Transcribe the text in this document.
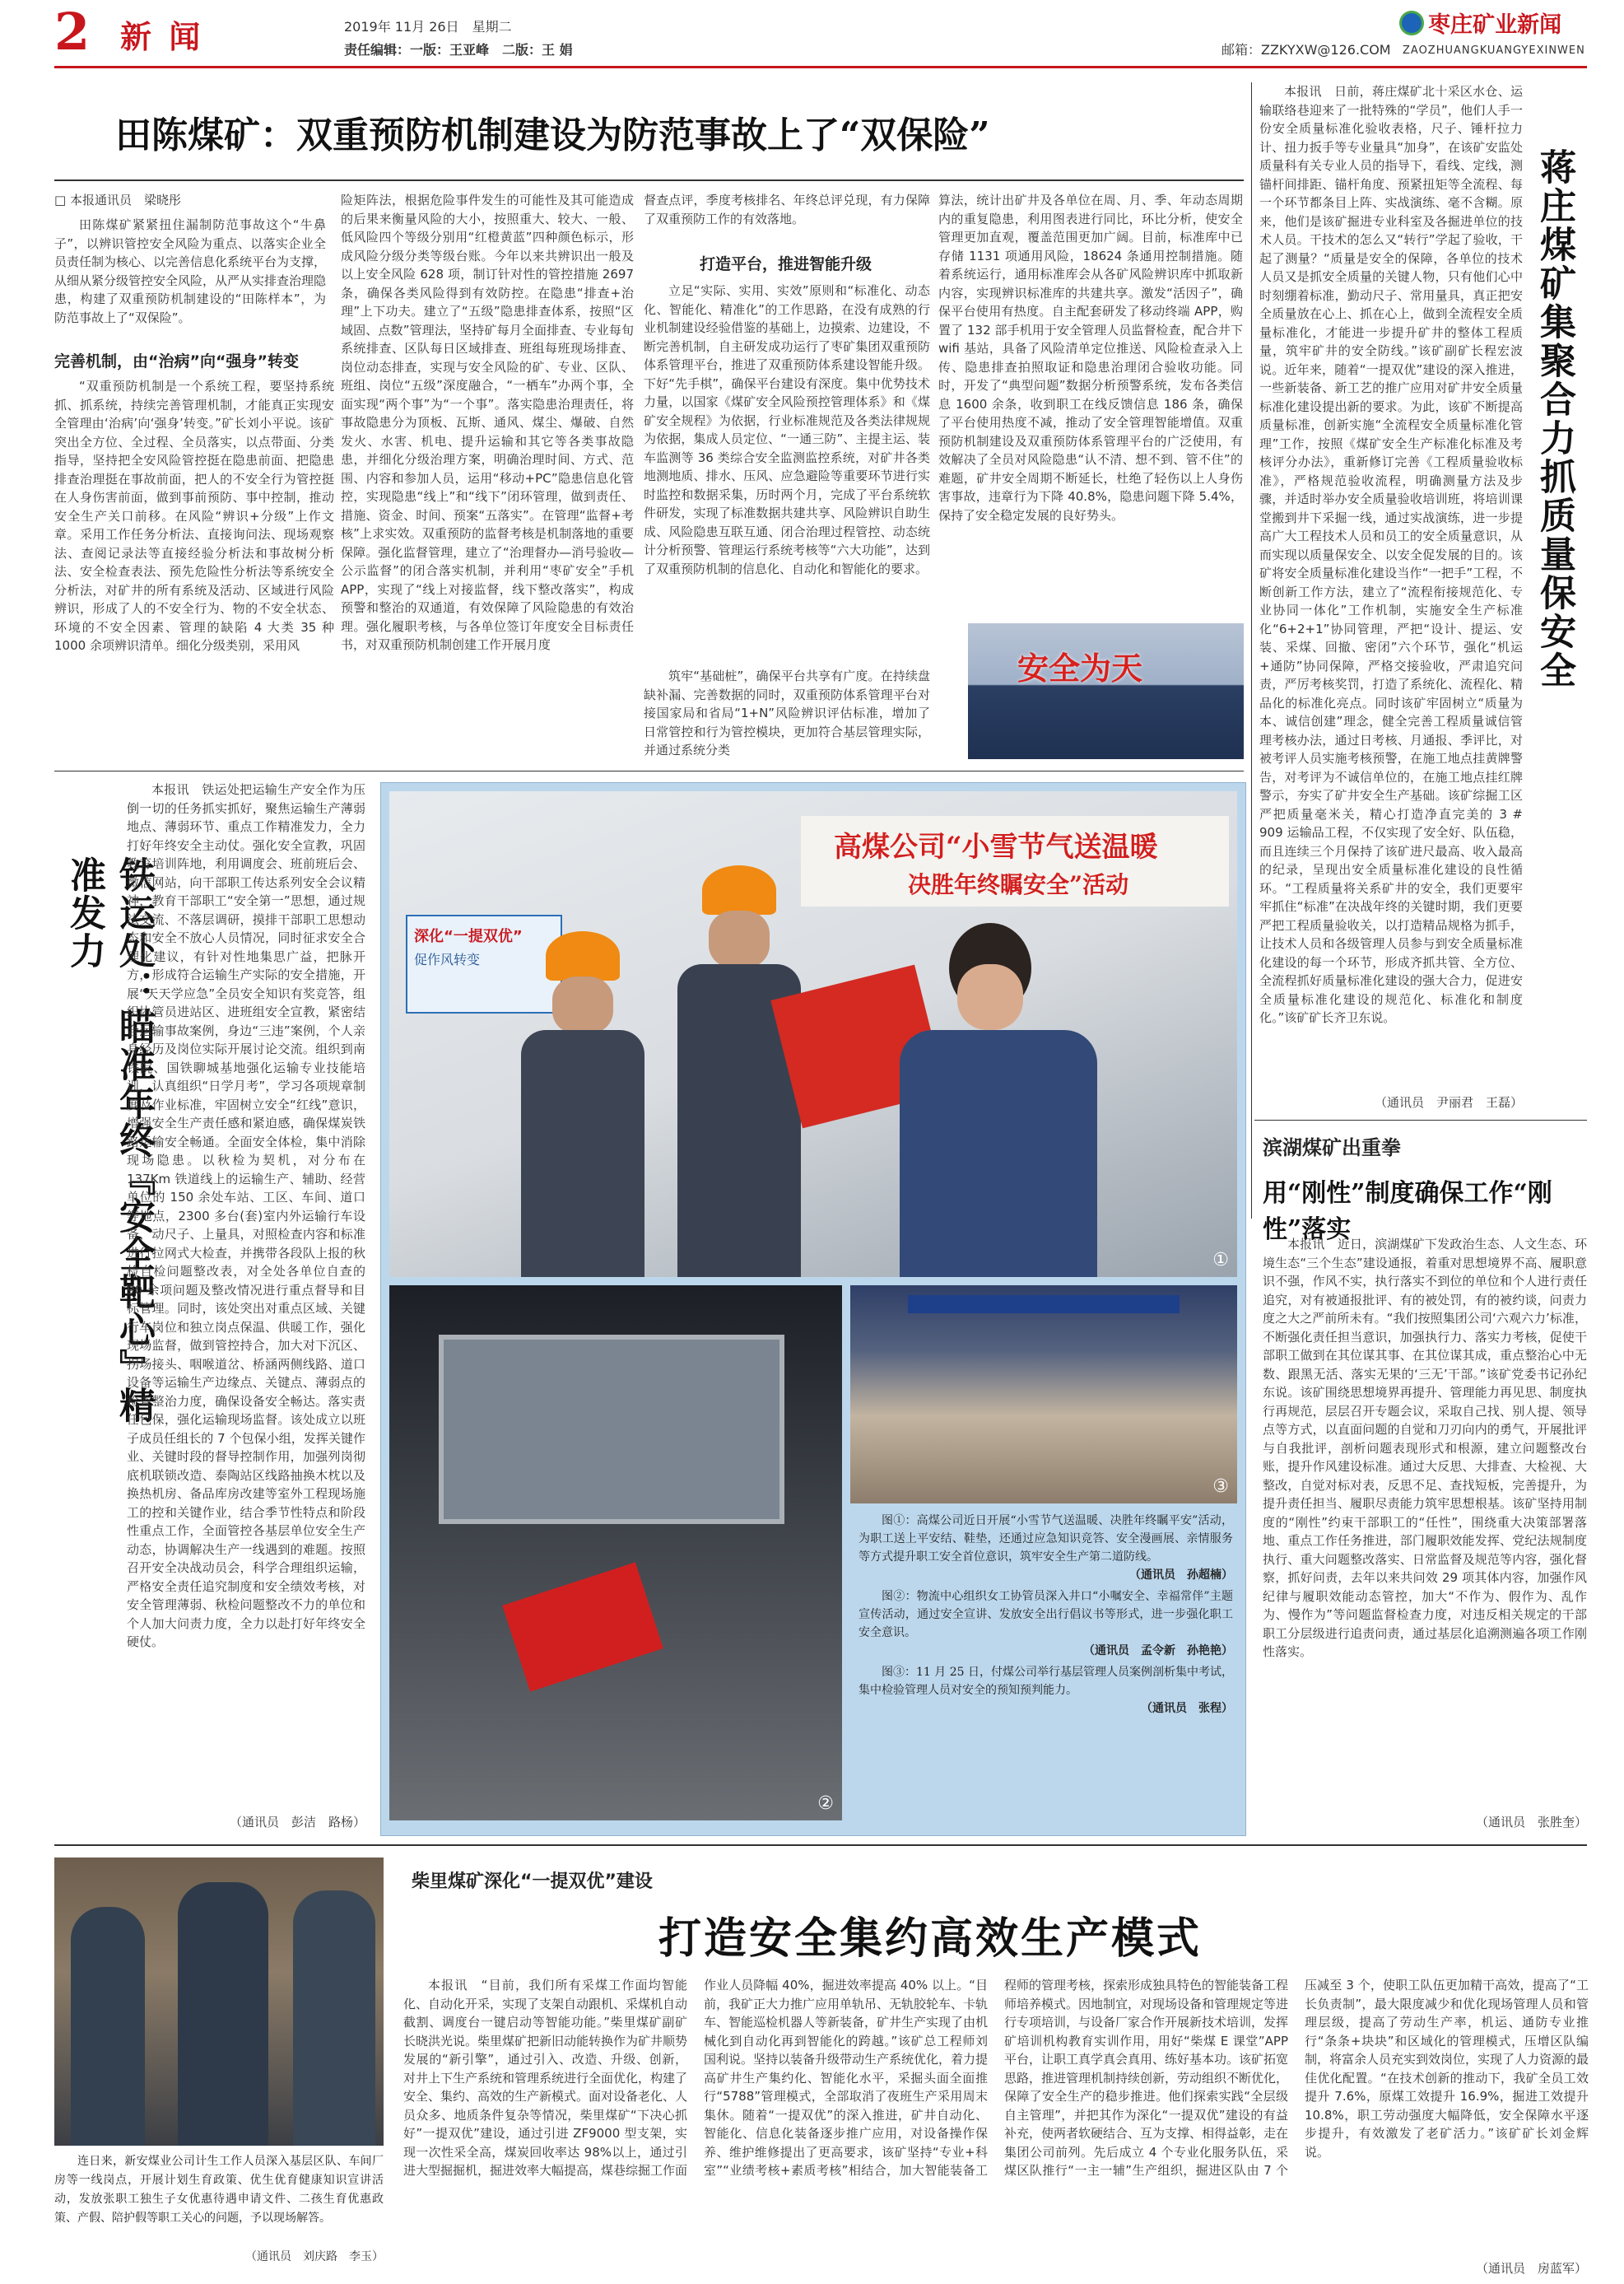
2 新 闻	2019年 11月 26日　星期二
责任编辑：一版：王亚峰　二版：王 娟	邮箱：ZZKYXW@126.COM
枣庄矿业新闻
ZAOZHUANGKUANGYEXINWEN
田陈煤矿：双重预防机制建设为防范事故上了“双保险”
□ 本报通讯员　梁晓彤
田陈煤矿紧紧扭住漏制防范事故这个“牛鼻子”，以辨识管控安全风险为重点、以落实企业全员责任制为核心、以完善信息化系统平台为支撑，从细从紧分级管控安全风险，从严从实排查治理隐患，构建了双重预防机制建设的“田陈样本”，为防范事故上了“双保险”。
完善机制，由“治病”向“强身”转变
“双重预防机制是一个系统工程，要坚持系统抓、抓系统，持续完善管理机制，才能真正实现安全管理由‘治病’向‘强身’转变。”矿长刘小平说。该矿突出全方位、全过程、全员落实，以点带面、分类指导，坚持把全安风险管控挺在隐患前面、把隐患排查治理挺在事故前面，把人的不安全行为管控挺在人身伤害前面，做到事前预防、事中控制，推动安全生产关口前移。在风险“辨识+分级”上作文章。采用工作任务分析法、直接询问法、现场观察法、查阅记录法等直接经验分析法和事故树分析法、安全检查表法、预先危险性分析法等系统安全分析法，对矿井的所有系统及活动、区域进行风险辨识，形成了人的不安全行为、物的不安全状态、环境的不安全因素、管理的缺陷 4 大类 35 种 1000 余项辨识清单。细化分级类别，采用风
险矩阵法，根据危险事件发生的可能性及其可能造成的后果来衡量风险的大小，按照重大、较大、一般、低风险四个等级分别用“红橙黄蓝”四种颜色标示，形成风险分级分类等级台账。今年以来共辨识出一般及以上安全风险 628 项，制订针对性的管控措施 2697 条，确保各类风险得到有效防控。在隐患“排查+治理”上下功夫。建立了“五级”隐患排查体系，按照“区域固、点数”管理法，坚持矿每月全面排查、专业每旬系统排查、区队每日区域排查、班组每班现场排查、岗位动态排查，实现与安全风险的矿、专业、区队、班组、岗位“五级”深度融合，“一栖车”办两个事，全面实现“两个事”为“一个事”。落实隐患治理责任，将事故隐患分为顶板、瓦斯、通风、煤尘、爆破、自然发火、水害、机电、提升运输和其它等各类事故隐患，并细化分级治理方案，明确治理时间、方式、范围、内容和参加人员，运用“移动+PC”隐患信息化管控，实现隐患“线上”和“线下”闭环管理，做到责任、措施、资金、时间、预案“五落实”。在管理“监督+考核”上求实效。双重预防的监督考核是机制落地的重要保障。强化监督管理，建立了“治理督办—消号验收—公示监督”的闭合落实机制，并利用“枣矿安全”手机 APP，实现了“线上对接监督，线下整改落实”，构成预警和整治的双通道，有效保障了风险隐患的有效治理。强化履职考核，与各单位签订年度安全目标责任书，对双重预防机制创建工作开展月度
督查点评，季度考核排名、年终总评兑现，有力保障了双重预防工作的有效落地。
打造平台，推进智能升级
立足“实际、实用、实效”原则和“标准化、动态化、智能化、精准化”的工作思路，在没有成熟的行业机制建设经验借鉴的基础上，边摸索、边建设，不断完善机制，自主研发成功运行了枣矿集团双重预防体系管理平台，推进了双重预防体系建设智能升级。下好“先手棋”，确保平台建设有深度。集中优势技术力量，以国家《煤矿安全风险预控管理体系》和《煤矿安全规程》为依据，行业标准规范及各类法律规规为依据，集成人员定位、“一通三防”、主提主运、装车监测等 36 类综合安全监测监控系统，对矿井各类地测地质、排水、压风、应急避险等重要环节进行实时监控和数据采集，历时两个月，完成了平台系统软件研发，实现了标准数据共建共享、风险辨识自助生成、风险隐患互联互通、闭合治理过程管控、动态统计分析预警、管理运行系统考核等“六大功能”，达到了双重预防机制的信息化、自动化和智能化的要求。
筑牢“基础桩”，确保平台共享有广度。在持续盘缺补漏、完善数据的同时，双重预防体系管理平台对接国家局和省局“1+N”风险辨识评估标准，增加了日常管控和行为管控模块，更加符合基层管理实际，并通过系统分类
算法，统计出矿井及各单位在周、月、季、年动态周期内的重复隐患，利用图表进行同比，环比分析，使安全管理更加直观，覆盖范围更加广阔。目前，标准库中已存储 1131 项通用风险，18624 条通用控制措施。随着系统运行，通用标准库会从各矿风险辨识库中抓取新内容，实现辨识标准库的共建共享。激发“活因子”，确保平台使用有热度。自主配套研发了移动终端 APP，购置了 132 部手机用于安全管理人员监督检查，配合井下 wifi 基站，具备了风险清单定位推送、风险检查录入上传、隐患排查拍照取证和隐患治理闭合验收功能。同时，开发了“典型问题”数据分析预警系统，发布各类信息 1600 余条，收到职工在线反馈信息 186 条，确保了平台使用热度不减，推动了安全管理智能增值。双重预防机制建设及双重预防体系管理平台的广泛使用，有效解决了全员对风险隐患“认不清、想不到、管不住”的难题，矿井安全周期不断延长，杜绝了轻伤以上人身伤害事故，违章行为下降 40.8%，隐患问题下降 5.4%，保持了安全稳定发展的良好势头。
安全为天
本报讯　日前，蒋庄煤矿北十采区水仓、运输联络巷迎来了一批特殊的“学员”，他们人手一份安全质量标准化验收表格，尺子、锤杆拉力计、扭力扳手等专业量具“加身”，在该矿安监处质量科有关专业人员的指导下，看线、定线，测锚杆间排距、锚杆角度、预紧扭矩等全流程、每一个环节都条目上阵、实战演练、毫不含糊。原来，他们是该矿掘进专业科室及各掘进单位的技术人员。干技术的怎么又“转行”学起了验收，干起了测量？“质量是安全的保障，各单位的技术人员又是抓安全质量的关键人物，只有他们心中时刻绷着标准，勤动尺子、常用量具，真正把安全质量放在心上、抓在心上，做到全流程安全质量标准化，才能进一步提升矿井的整体工程质量，筑牢矿井的安全防线。”该矿副矿长程宏波说。近年来，随着“一提双优”建设的深入推进，一些新装备、新工艺的推广应用对矿井安全质量标准化建设提出新的要求。为此，该矿不断提高质量标准，创新实施“全流程安全质量标准化管理”工作，按照《煤矿安全生产标准化标准及考核评分办法》，重新修订完善《工程质量验收标准》，严格规范验收流程，明确测量方法及步骤，并适时举办安全质量验收培训班，将培训课堂搬到井下采掘一线，通过实战演练，进一步提高广大工程技术人员和员工的安全质量意识，从而实现以质量保安全、以安全促发展的目的。该矿将安全质量标准化建设当作“一把手”工程，不断创新工作方法，建立了“流程衔接规范化、专业协同一体化”工作机制，实施安全生产标准化“6+2+1”协同管理，严把“设计、提运、安装、采煤、回撤、密闭”六个环节，强化“机运+通防”协同保障，严格交接验收，严肃追究问责，严厉考核奖罚，打造了系统化、流程化、精品化的标准化亮点。同时该矿牢固树立“质量为本、诚信创建”理念，健全完善工程质量诚信管理考核办法，通过日考核、月通报、季评比，对被考评人员实施考核预警，在施工地点挂黄牌警告，对考评为不诚信单位的，在施工地点挂红牌警示，夯实了矿井安全生产基础。该矿综掘工区严把质量毫米关，精心打造净直完美的 3 # 909 运输品工程，不仅实现了安全好、队伍稳，而且连续三个月保持了该矿进尺最高、收入最高的纪录，呈现出安全质量标准化建设的良性循环。“工程质量将关系矿井的安全，我们更要牢牢抓住“标准”在决战年终的关键时期，我们更要严把工程质量验收关，以打造精品规格为抓手，让技术人员和各级管理人员参与到安全质量标准化建设的每一个环节，形成齐抓共管、全方位、全流程抓好质量标准化建设的强大合力，促进安全质量标准化建设的规范化、标准化和制度化。”该矿矿长齐卫东说。
（通讯员　尹丽君　王磊）
蒋庄煤矿集聚合力抓质量保安全
铁运处：瞄准年终『安全靶心』精准发力
本报讯　铁运处把运输生产安全作为压倒一切的任务抓实抓好，聚焦运输生产薄弱地点、薄弱环节、重点工作精准发力，全力打好年终安全主动仗。强化安全宣教，巩固教育培训阵地，利用调度会、班前班后会、微信网站，向干部职工传达系列安全会议精神，教育干部职工“安全第一”思想，通过规法交流、不落层调研，摸排干部职工思想动态和安全不放心人员情况，同时征求安全合理化建议，有针对性地集思广益，把脉开方，形成符合运输生产实际的安全措施，开展“天天学应急”全员安全知识有奖竞答，组织协管员进站区、进班组安全宣教，紧密结合运输事故案例，身边“三违”案例，个人亲身经历及岗位实际开展讨论交流。组织到南铁院、国铁聊城基地强化运输专业技能培训，认真组织“日学月考”，学习各项规章制度及作业标准，牢固树立安全“红线”意识，增强安全生产责任感和紧迫感，确保煤炭铁路运输安全畅通。全面安全体检，集中消除现场隐患。以秋检为契机，对分布在 137Km 铁道线上的运输生产、辅助、经营单位的 150 余处车站、工区、车间、道口等地点，2300 多台(套)室内外运输行车设备，动尺子、上量具，对照检查内容和标准进行拉网式大检查，并携带各段队上报的秋检自检问题整改表，对全处各单位自查的 90 余项问题及整改情况进行重点督导和目标管理。同时，该处突出对重点区域、关键行车岗位和独立岗点保温、供暖工作，强化现场监督，做到管控持合，加大对下沉区、拐场接头、咽喉道岔、桥涵两侧线路、道口设备等运输生产边缘点、关键点、薄弱点的检查整治力度，确保设备安全畅达。落实责任包保，强化运输现场监督。该处成立以班子成员任组长的 7 个包保小组，发挥关键作业、关键时段的督导控制作用，加强列岗彻底机联锁改造、泰陶站区线路抽换木枕以及换热机房、备品库房改建等室外工程现场施工的控和关键作业，结合季节性特点和阶段性重点工作，全面管控各基层单位安全生产动态，协调解决生产一线遇到的难题。按照召开安全决战动员会，科学合理组织运输，严格安全责任追究制度和安全绩效考核，对安全管理薄弱、秋检问题整改不力的单位和个人加大问责力度，全力以赴打好年终安全硬仗。
（通讯员　彭洁　路杨）
高煤公司“小雪节气送温暖
决胜年终瞩安全”活动
深化“一提双优”
促作风转变
①
②
③
图①：高煤公司近日开展“小雪节气送温暖、决胜年终瞩平安”活动，为职工送上平安结、鞋垫，还通过应急知识竞答、安全漫画展、亲情服务等方式提升职工安全首位意识，筑牢安全生产第二道防线。
（通讯员　孙超楠）
图②：物流中心组织女工协管员深入井口“小嘱安全、幸福常伴”主题宣传活动，通过安全宣讲、发放安全出行倡议书等形式，进一步强化职工安全意识。
（通讯员　孟令新　孙艳艳）
图③：11 月 25 日，付煤公司举行基层管理人员案例剖析集中考试，集中检验管理人员对安全的预知预判能力。
（通讯员　张程）
滨湖煤矿出重拳
用“刚性”制度确保工作“刚性”落实
本报讯　近日，滨湖煤矿下发政治生态、人文生态、环境生态“三个生态”建设通报，着重对思想境界不高、履职意识不强，作风不实，执行落实不到位的单位和个人进行责任追究，对有被通报批评、有的被处罚，有的被约谈，问责力度之大之严前所未有。“我们按照集团公司‘六观六力’标准，不断强化责任担当意识，加强执行力、落实力考核，促使干部职工做到在其位谋其事、在其位谋其成，重点整治心中无数、跟黑无活、落实无果的‘三无’干部。”该矿党委书记孙纪东说。该矿围绕思想境界再提升、管理能力再见思、制度执行再规范，层层召开专题会议，采取自己找、别人提、领导点等方式，以直面问题的自觉和刀刃向内的勇气，开展批评与自我批评，剖析问题表现形式和根源，建立问题整改台账，提升作风建设标准。通过大反思、大排查、大检视、大整改，自觉对标对表，反思不足、查找短板，完善提升，为提升责任担当、履职尽责能力筑牢思想根基。该矿坚持用制度的“刚性”约束干部职工的“任性”，围绕重大决策部署落地、重点工作任务推进，部门履职效能发挥、党纪法规制度执行、重大问题整改落实、日常监督及规范等内容，强化督察，抓好问责，去年以来共问效 29 项其体内容，加强作风纪律与履职效能动态管控，加大“不作为、假作为、乱作为、慢作为”等问题监督检查力度，对违反相关规定的干部职工分层级进行追责问责，通过基层化追溯测遍各项工作刚性落实。
（通讯员　张胜奎）
连日来，新安煤业公司计生工作人员深入基层区队、车间厂房等一线岗点，开展计划生育政策、优生优育健康知识宣讲活动，发放张职工独生子女优惠待遇申请文件、二孩生育优惠政策、产假、陪护假等职工关心的问题，予以现场解答。
（通讯员　刘庆路　李玉）
柴里煤矿深化“一提双优”建设
打造安全集约高效生产模式
本报讯　“目前，我们所有采煤工作面均智能化、自动化开采，实现了支架自动跟机、采煤机自动截割、调度台一键启动等智能功能。”柴里煤矿副矿长晓洪光说。柴里煤矿把新旧动能转换作为矿井顺势发展的“新引擎”，通过引入、改造、升级、创新，对井上下生产系统和管理系统进行全面优化，构建了安全、集约、高效的生产新模式。面对设备老化、人员众多、地质条件复杂等情况，柴里煤矿“下决心抓好”一提双优”建设，通过引进 ZF9000 型支架，实现一次性采全高，煤炭回收率达 98%以上，通过引进大型掘掘机，掘进效率大幅提高，煤巷综掘工作面作业人员降幅 40%，掘进效率提高 40% 以上。“目前，我矿正大力推广应用单轨吊、无轨胶轮车、卡轨车、智能巡检机器人等新装备，矿井生产实现了由机械化到自动化再到智能化的跨越。”该矿总工程师刘国利说。坚持以装备升级带动生产系统优化，着力提高矿井生产集约化、智能化水平，采掘头面全面推行“5788”管理模式，全部取消了夜班生产采用周末集休。随着“一提双优”的深入推进，矿井自动化、智能化、信息化装备逐步推广应用，对设备操作保养、维护维修提出了更高要求，该矿坚持“专业+科室”“业绩考核+素质考核”相结合，加大智能装备工程师的管理考核，探索形成独具特色的智能装备工程师培养模式。因地制宜，对现场设备和管理规定等进行专项培训，与设备厂家合作开展新技术培训，发挥矿培训机构教育实训作用，用好“柴煤 E 课堂”APP 平台，让职工真学真会真用、练好基本功。该矿拓宽思路，推进管理机制持续创新，劳动组织不断优化，保障了安全生产的稳步推进。他们探索实践“全层级自主管理”，并把其作为深化“一提双优”建设的有益补充，使两者软硬结合、互为支撑、相得益彰，走在集团公司前列。先后成立 4 个专业化服务队伍，采煤区队推行“一主一辅”生产组织，掘进区队由 7 个压减至 3 个，使职工队伍更加精干高效，提高了“工长负责制”，最大限度减少和优化现场管理人员和管理层级，提高了劳动生产率，机运、通防专业推行“条条+块块”和区域化的管理模式，压增区队编制，将富余人员充实到效岗位，实现了人力资源的最佳优化配置。“在技术创新的推动下，我矿全员工效提升 7.6%，原煤工效提升 16.9%，掘进工效提升 10.8%，职工劳动强度大幅降低，安全保障水平逐步提升，有效激发了老矿活力。”该矿矿长刘金辉说。
（通讯员　房蓝军）
